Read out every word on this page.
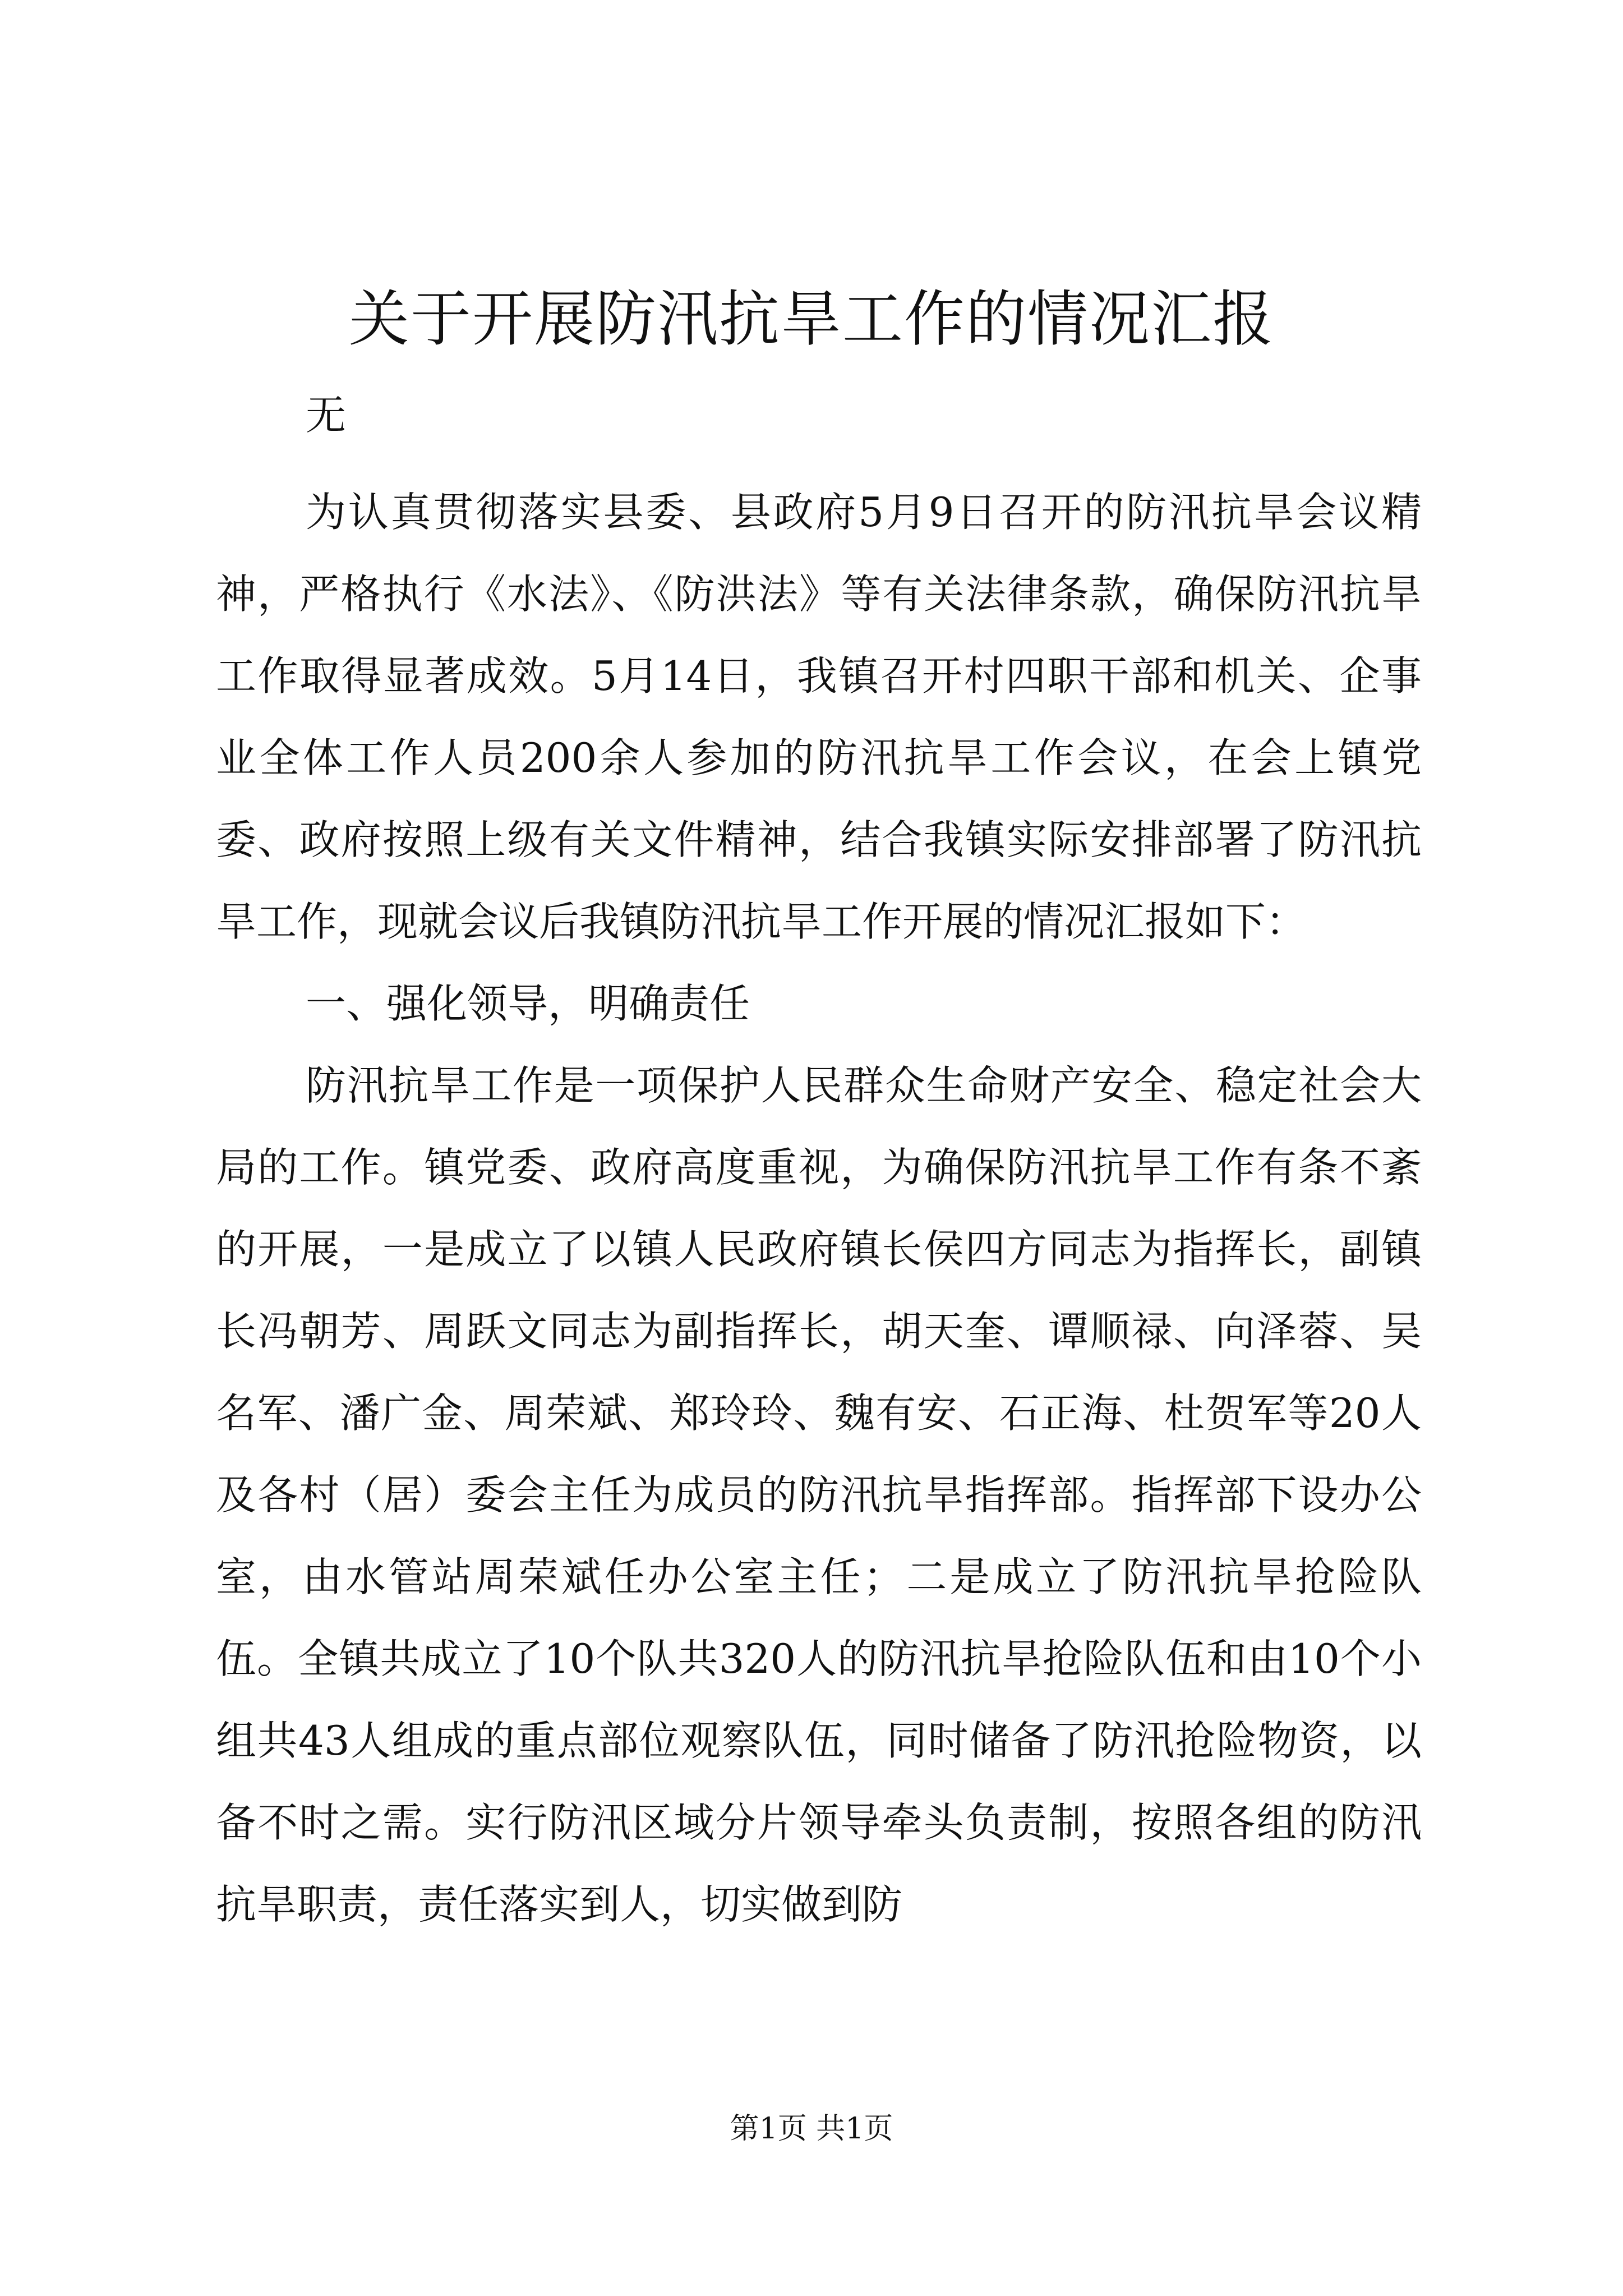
关于开展防汛抗旱工作的情况汇报
无

为认真贯彻落实县委、县政府5月9日召开的防汛抗旱会议精神，严格执行《水法》、《防洪法》等有关法律条款，确保防汛抗旱工作取得显著成效。5月14日，我镇召开村四职干部和机关、企事业全体工作人员200余人参加的防汛抗旱工作会议，在会上镇党委、政府按照上级有关文件精神，结合我镇实际安排部署了防汛抗旱工作，现就会议后我镇防汛抗旱工作开展的情况汇报如下：

一、强化领导，明确责任

防汛抗旱工作是一项保护人民群众生命财产安全、稳定社会大局的工作。镇党委、政府高度重视，为确保防汛抗旱工作有条不紊的开展，一是成立了以镇人民政府镇长侯四方同志为指挥长，副镇长冯朝芳、周跃文同志为副指挥长，胡天奎、谭顺禄、向泽蓉、吴名军、潘广金、周荣斌、郑玲玲、魏有安、石正海、杜贺军等20人及各村（居）委会主任为成员的防汛抗旱指挥部。指挥部下设办公室，由水管站周荣斌任办公室主任；二是成立了防汛抗旱抢险队伍。全镇共成立了10个队共320人的防汛抗旱抢险队伍和由10个小组共43人组成的重点部位观察队伍，同时储备了防汛抢险物资，以备不时之需。实行防汛区域分片领导牵头负责制，按照各组的防汛抗旱职责，责任落实到人，切实做到防

第1页 共1页
